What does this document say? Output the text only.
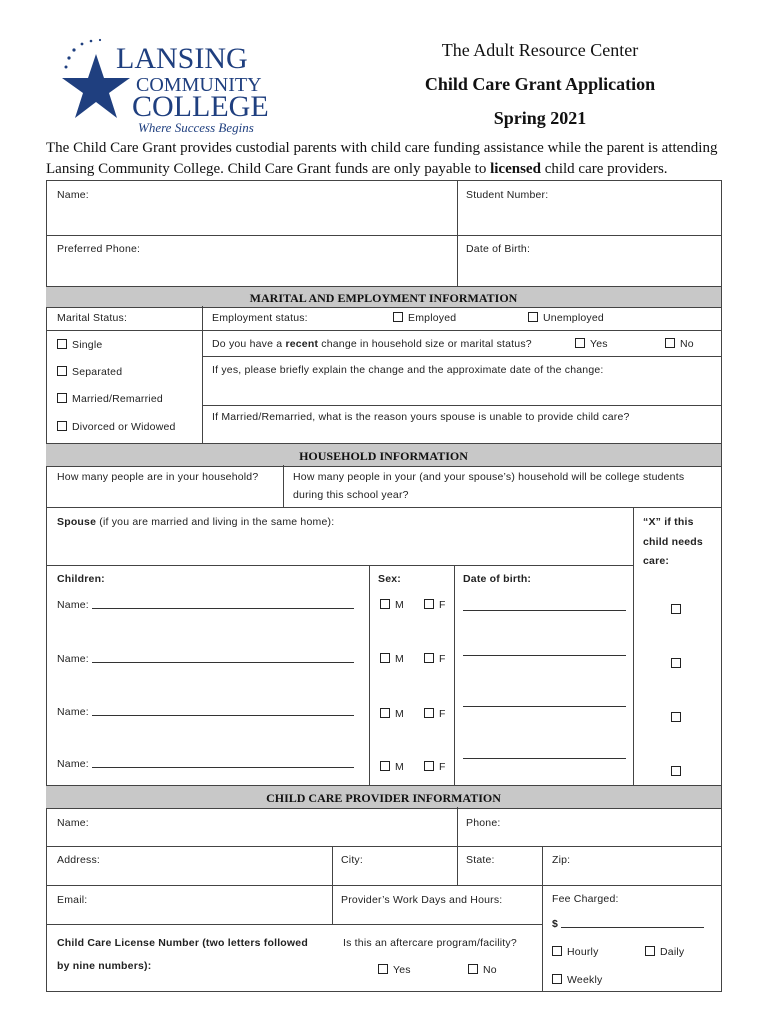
LANSING
COMMUNITY
COLLEGE
Where Success Begins
The Adult Resource Center
Child Care Grant Application
Spring 2021
The Child Care Grant provides custodial parents with child care funding assistance while the parent is attending Lansing Community College. Child Care Grant funds are only payable to licensed child care providers.
Name:	Student Number:
Preferred Phone:	Date of Birth:
MARITAL AND EMPLOYMENT INFORMATION
Marital Status:
Single
Separated
Married/Remarried
Divorced or Widowed
Employment status:	Employed	Unemployed
Do you have a recent change in household size or marital status?	Yes	No
If yes, please briefly explain the change and the approximate date of the change:
If Married/Remarried, what is the reason yours spouse is unable to provide child care?
HOUSEHOLD INFORMATION
How many people are in your household?	How many people in your (and your spouse’s) household will be college students
during this school year?
Spouse (if you are married and living in the same home):	“X” if this
child needs
care:
Children:	Sex:	Date of birth:
Name:	M	F
Name:	M	F
Name:	M	F
Name:	M	F
CHILD CARE PROVIDER INFORMATION
Name:	Phone:
Address:	City:	State:	Zip:
Email:	Provider’s Work Days and Hours:	Fee Charged:
$
Child Care License Number (two letters followed
by nine numbers):
Is this an aftercare program/facility?
Yes	No
Hourly	Daily
Weekly
